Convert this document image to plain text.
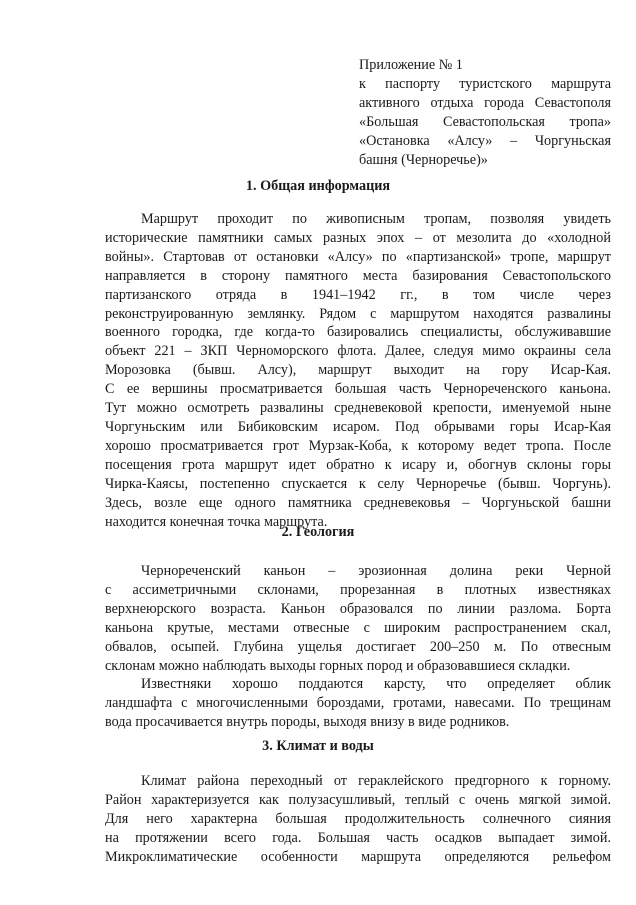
Приложение № 1
к паспорту туристского маршрута
активного отдыха города Севастополя
«Большая Севастопольская тропа»
«Остановка «Алсу» – Чоргуньская
башня (Черноречье)»
1. Общая информация
Маршрут проходит по живописным тропам, позволяя увидеть
исторические памятники самых разных эпох – от мезолита до «холодной
войны». Стартовав от остановки «Алсу» по «партизанской» тропе, маршрут
направляется в сторону памятного места базирования Севастопольского
партизанского отряда в 1941–1942 гг., в том числе через
реконструированную землянку. Рядом с маршрутом находятся развалины
военного городка, где когда-то базировались специалисты, обслуживавшие
объект 221 – ЗКП Черноморского флота. Далее, следуя мимо окраины села
Морозовка (бывш. Алсу), маршрут выходит на гору Исар-Кая.
С ее вершины просматривается большая часть Чернореченского каньона.
Тут можно осмотреть развалины средневековой крепости, именуемой ныне
Чоргуньским или Бибиковским исаром. Под обрывами горы Исар-Кая
хорошо просматривается грот Мурзак-Коба, к которому ведет тропа. После
посещения грота маршрут идет обратно к исару и, обогнув склоны горы
Чирка-Каясы, постепенно спускается к селу Черноречье (бывш. Чоргунь).
Здесь, возле еще одного памятника средневековья – Чоргуньской башни
находится конечная точка маршрута.
2. Геология
Чернореченский каньон – эрозионная долина реки Черной
с ассиметричными склонами, прорезанная в плотных известняках
верхнеюрского возраста. Каньон образовался по линии разлома. Борта
каньона крутые, местами отвесные с широким распространением скал,
обвалов, осыпей. Глубина ущелья достигает 200–250 м. По отвесным
склонам можно наблюдать выходы горных пород и образовавшиеся складки.
Известняки хорошо поддаются карсту, что определяет облик
ландшафта с многочисленными бороздами, гротами, навесами. По трещинам
вода просачивается внутрь породы, выходя внизу в виде родников.
3. Климат и воды
Климат района переходный от гераклейского предгорного к горному.
Район характеризуется как полузасушливый, теплый с очень мягкой зимой.
Для него характерна большая продолжительность солнечного сияния
на протяжении всего года. Большая часть осадков выпадает зимой.
Микроклиматические особенности маршрута определяются рельефом
